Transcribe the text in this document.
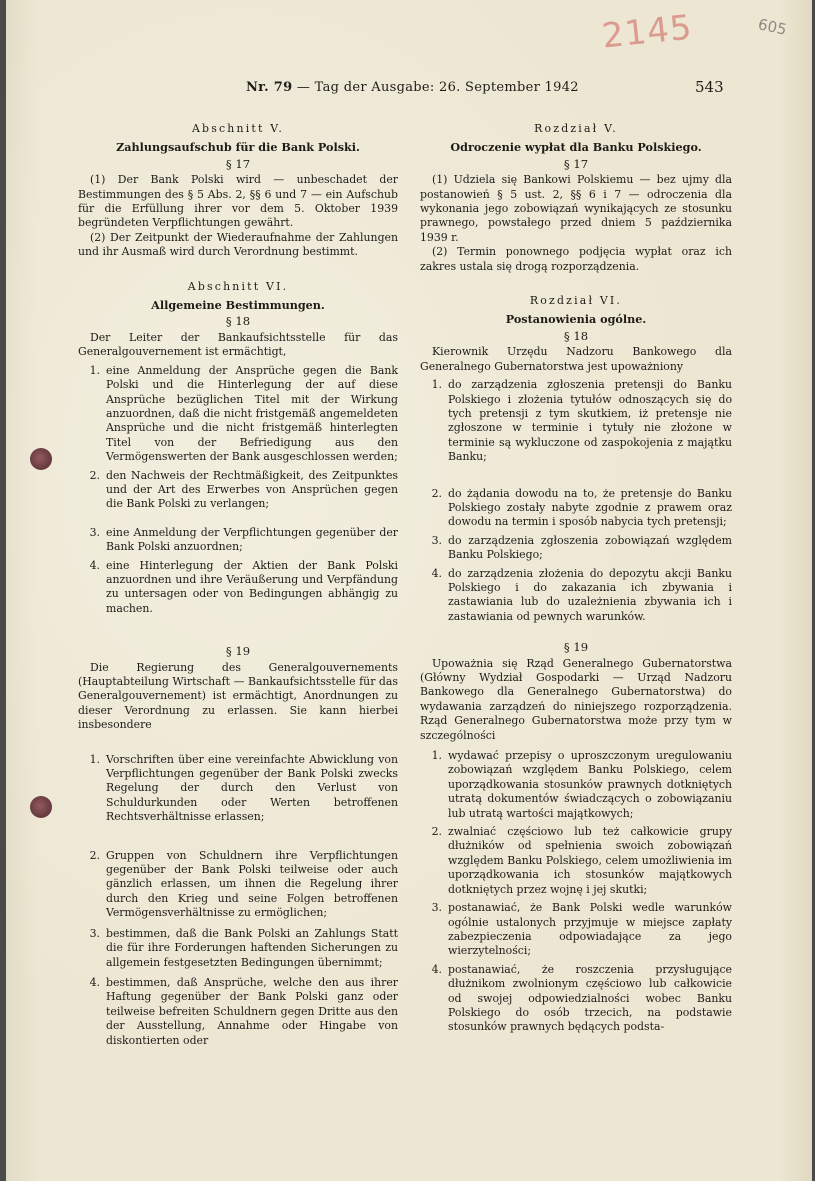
2145	605
Nr. 79 — Tag der Ausgabe: 26. September 1942	543
Abschnitt V.
Zahlungsaufschub für die Bank Polski.
§ 17

(1) Der Bank Polski wird — unbeschadet der Bestimmungen des § 5 Abs. 2, §§ 6 und 7 — ein Aufschub für die Erfüllung ihrer vor dem 5. Oktober 1939 begründeten Verpflichtungen gewährt.

(2) Der Zeitpunkt der Wiederaufnahme der Zahlungen und ihr Ausmaß wird durch Verordnung bestimmt.

Abschnitt VI.
Allgemeine Bestimmungen.
§ 18

Der Leiter der Bankaufsichtsstelle für das Generalgouvernement ist ermächtigt,

1. eine Anmeldung der Ansprüche gegen die Bank Polski und die Hinterlegung der auf diese Ansprüche bezüglichen Titel mit der Wirkung anzuordnen, daß die nicht fristgemäß angemeldeten Ansprüche und die nicht fristgemäß hinterlegten Titel von der Befriedigung aus den Vermögenswerten der Bank ausgeschlossen werden;
2. den Nachweis der Rechtmäßigkeit, des Zeitpunktes und der Art des Erwerbes von Ansprüchen gegen die Bank Polski zu verlangen;
3. eine Anmeldung der Verpflichtungen gegenüber der Bank Polski anzuordnen;
4. eine Hinterlegung der Aktien der Bank Polski anzuordnen und ihre Veräußerung und Verpfändung zu untersagen oder von Bedingungen abhängig zu machen.
§ 19

Die Regierung des Generalgouvernements (Hauptabteilung Wirtschaft — Bankaufsichtsstelle für das Generalgouvernement) ist ermächtigt, Anordnungen zu dieser Verordnung zu erlassen. Sie kann hierbei insbesondere

1. Vorschriften über eine vereinfachte Abwicklung von Verpflichtungen gegenüber der Bank Polski zwecks Regelung der durch den Verlust von Schuldurkunden oder Werten betroffenen Rechtsverhältnisse erlassen;
2. Gruppen von Schuldnern ihre Verpflichtungen gegenüber der Bank Polski teilweise oder auch gänzlich erlassen, um ihnen die Regelung ihrer durch den Krieg und seine Folgen betroffenen Vermögensverhältnisse zu ermöglichen;
3. bestimmen, daß die Bank Polski an Zahlungs Statt die für ihre Forderungen haftenden Sicherungen zu allgemein festgesetzten Bedingungen übernimmt;
4. bestimmen, daß Ansprüche, welche den aus ihrer Haftung gegenüber der Bank Polski ganz oder teilweise befreiten Schuldnern gegen Dritte aus den der Ausstellung, Annahme oder Hingabe von diskontierten oder
Rozdział V.
Odroczenie wypłat dla Banku Polskiego.
§ 17

(1) Udziela się Bankowi Polskiemu — bez ujmy dla postanowień § 5 ust. 2, §§ 6 i 7 — odroczenia dla wykonania jego zobowiązań wynikających ze stosunku prawnego, powstałego przed dniem 5 października 1939 r.

(2) Termin ponownego podjęcia wypłat oraz ich zakres ustala się drogą rozporządzenia.

Rozdział VI.
Postanowienia ogólne.
§ 18

Kierownik Urzędu Nadzoru Bankowego dla Generalnego Gubernatorstwa jest upoważniony

1. do zarządzenia zgłoszenia pretensji do Banku Polskiego i złożenia tytułów odnoszących się do tych pretensji z tym skutkiem, iż pretensje nie zgłoszone w terminie i tytuły nie złożone w terminie są wykluczone od zaspokojenia z majątku Banku;
2. do żądania dowodu na to, że pretensje do Banku Polskiego zostały nabyte zgodnie z prawem oraz dowodu na termin i sposób nabycia tych pretensji;
3. do zarządzenia zgłoszenia zobowiązań względem Banku Polskiego;
4. do zarządzenia złożenia do depozytu akcji Banku Polskiego i do zakazania ich zbywania i zastawiania lub do uzależnienia zbywania ich i zastawiania od pewnych warunków.
§ 19

Upoważnia się Rząd Generalnego Gubernatorstwa (Główny Wydział Gospodarki — Urząd Nadzoru Bankowego dla Generalnego Gubernatorstwa) do wydawania zarządzeń do niniejszego rozporządzenia. Rząd Generalnego Gubernatorstwa może przy tym w szczególności

1. wydawać przepisy o uproszczonym uregulowaniu zobowiązań względem Banku Polskiego, celem uporządkowania stosunków prawnych dotkniętych utratą dokumentów świadczących o zobowiązaniu lub utratą wartości majątkowych;
2. zwalniać częściowo lub też całkowicie grupy dłużników od spełnienia swoich zobowiązań względem Banku Polskiego, celem umożliwienia im uporządkowania ich stosunków majątkowych dotkniętych przez wojnę i jej skutki;
3. postanawiać, że Bank Polski wedle warunków ogólnie ustalonych przyjmuje w miejsce zapłaty zabezpieczenia odpowiadające za jego wierzytelności;
4. postanawiać, że roszczenia przysługujące dłużnikom zwolnionym częściowo lub całkowicie od swojej odpowiedzialności wobec Banku Polskiego do osób trzecich, na podstawie stosunków prawnych będących podsta-
